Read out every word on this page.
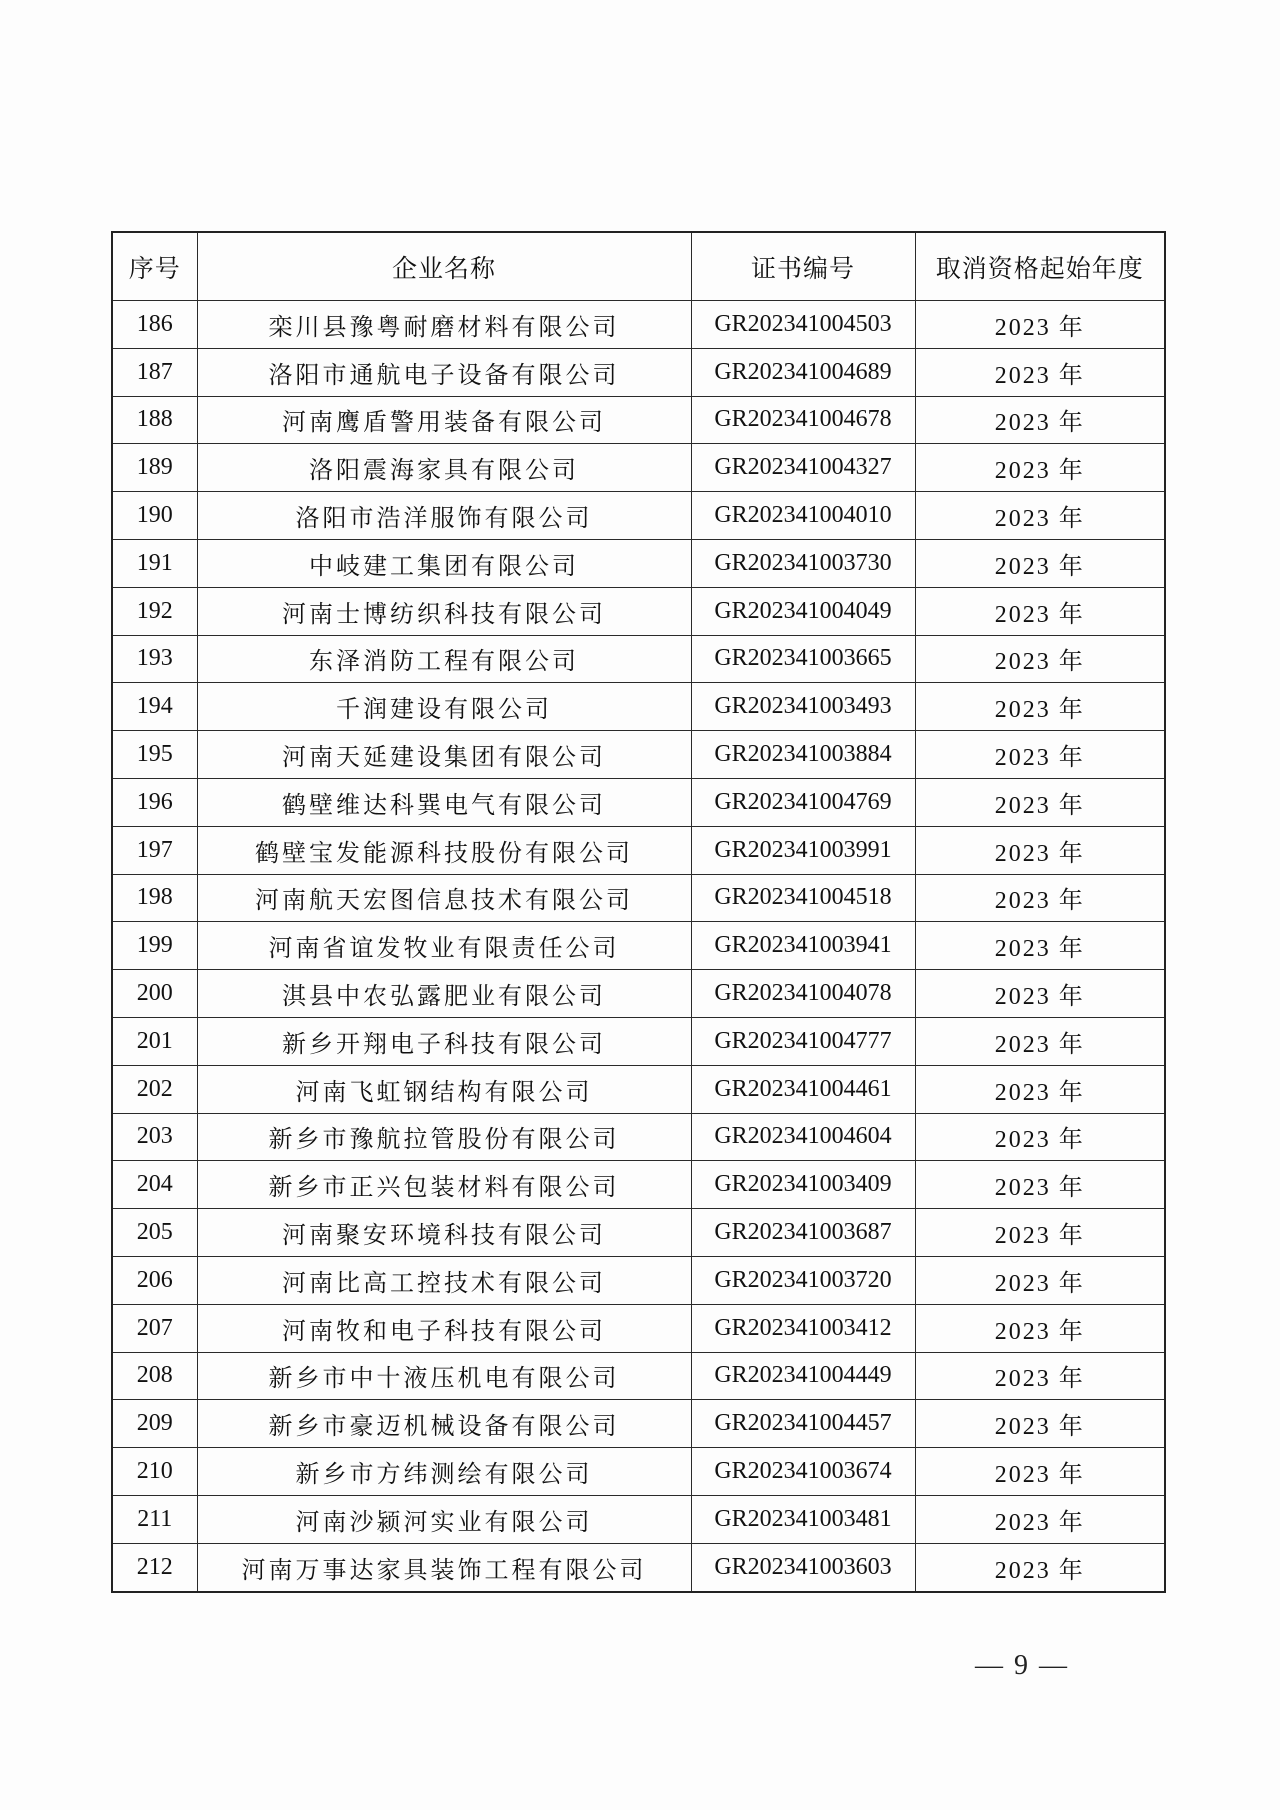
序号	企业名称	证书编号	取消资格起始年度
186	栾川县豫粤耐磨材料有限公司	GR202341004503	2023 年
187	洛阳市通航电子设备有限公司	GR202341004689	2023 年
188	河南鹰盾警用装备有限公司	GR202341004678	2023 年
189	洛阳震海家具有限公司	GR202341004327	2023 年
190	洛阳市浩洋服饰有限公司	GR202341004010	2023 年
191	中岐建工集团有限公司	GR202341003730	2023 年
192	河南士博纺织科技有限公司	GR202341004049	2023 年
193	东泽消防工程有限公司	GR202341003665	2023 年
194	千润建设有限公司	GR202341003493	2023 年
195	河南天延建设集团有限公司	GR202341003884	2023 年
196	鹤壁维达科巽电气有限公司	GR202341004769	2023 年
197	鹤壁宝发能源科技股份有限公司	GR202341003991	2023 年
198	河南航天宏图信息技术有限公司	GR202341004518	2023 年
199	河南省谊发牧业有限责任公司	GR202341003941	2023 年
200	淇县中农弘露肥业有限公司	GR202341004078	2023 年
201	新乡开翔电子科技有限公司	GR202341004777	2023 年
202	河南飞虹钢结构有限公司	GR202341004461	2023 年
203	新乡市豫航拉管股份有限公司	GR202341004604	2023 年
204	新乡市正兴包装材料有限公司	GR202341003409	2023 年
205	河南聚安环境科技有限公司	GR202341003687	2023 年
206	河南比高工控技术有限公司	GR202341003720	2023 年
207	河南牧和电子科技有限公司	GR202341003412	2023 年
208	新乡市中十液压机电有限公司	GR202341004449	2023 年
209	新乡市豪迈机械设备有限公司	GR202341004457	2023 年
210	新乡市方纬测绘有限公司	GR202341003674	2023 年
211	河南沙颍河实业有限公司	GR202341003481	2023 年
212	河南万事达家具装饰工程有限公司	GR202341003603	2023 年
— 9 —
